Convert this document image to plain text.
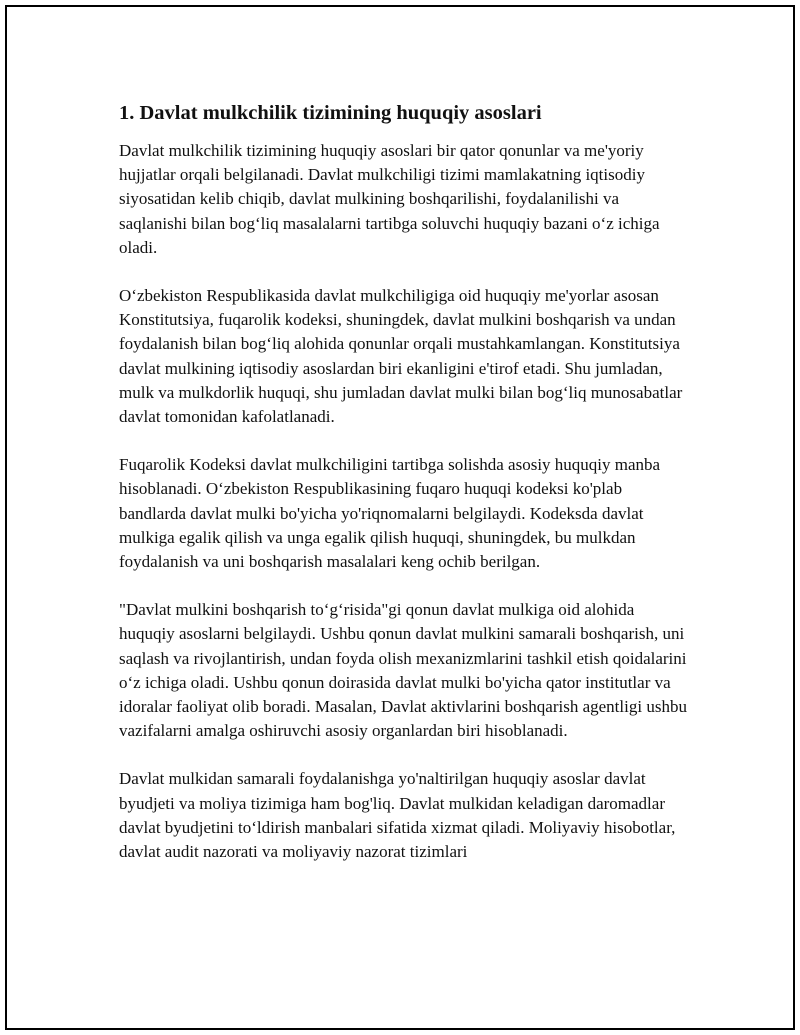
1. Davlat mulkchilik tizimining huquqiy asoslari

Davlat mulkchilik tizimining huquqiy asoslari bir qator qonunlar va me'yoriy hujjatlar orqali belgilanadi. Davlat mulkchiligi tizimi mamlakatning iqtisodiy siyosatidan kelib chiqib, davlat mulkining boshqarilishi, foydalanilishi va saqlanishi bilan bog‘liq masalalarni tartibga soluvchi huquqiy bazani o‘z ichiga oladi.

O‘zbekiston Respublikasida davlat mulkchiligiga oid huquqiy me'yorlar asosan Konstitutsiya, fuqarolik kodeksi, shuningdek, davlat mulkini boshqarish va undan foydalanish bilan bog‘liq alohida qonunlar orqali mustahkamlangan. Konstitutsiya davlat mulkining iqtisodiy asoslardan biri ekanligini e'tirof etadi. Shu jumladan, mulk va mulkdorlik huquqi, shu jumladan davlat mulki bilan bog‘liq munosabatlar davlat tomonidan kafolatlanadi.

Fuqarolik Kodeksi davlat mulkchiligini tartibga solishda asosiy huquqiy manba hisoblanadi. O‘zbekiston Respublikasining fuqaro huquqi kodeksi ko'plab bandlarda davlat mulki bo'yicha yo'riqnomalarni belgilaydi. Kodeksda davlat mulkiga egalik qilish va unga egalik qilish huquqi, shuningdek, bu mulkdan foydalanish va uni boshqarish masalalari keng ochib berilgan.

"Davlat mulkini boshqarish to‘g‘risida"gi qonun davlat mulkiga oid alohida huquqiy asoslarni belgilaydi. Ushbu qonun davlat mulkini samarali boshqarish, uni saqlash va rivojlantirish, undan foyda olish mexanizmlarini tashkil etish qoidalarini o‘z ichiga oladi. Ushbu qonun doirasida davlat mulki bo'yicha qator institutlar va idoralar faoliyat olib boradi. Masalan, Davlat aktivlarini boshqarish agentligi ushbu vazifalarni amalga oshiruvchi asosiy organlardan biri hisoblanadi.

Davlat mulkidan samarali foydalanishga yo'naltirilgan huquqiy asoslar davlat byudjeti va moliya tizimiga ham bog'liq. Davlat mulkidan keladigan daromadlar davlat byudjetini to‘ldirish manbalari sifatida xizmat qiladi. Moliyaviy hisobotlar, davlat audit nazorati va moliyaviy nazorat tizimlari
